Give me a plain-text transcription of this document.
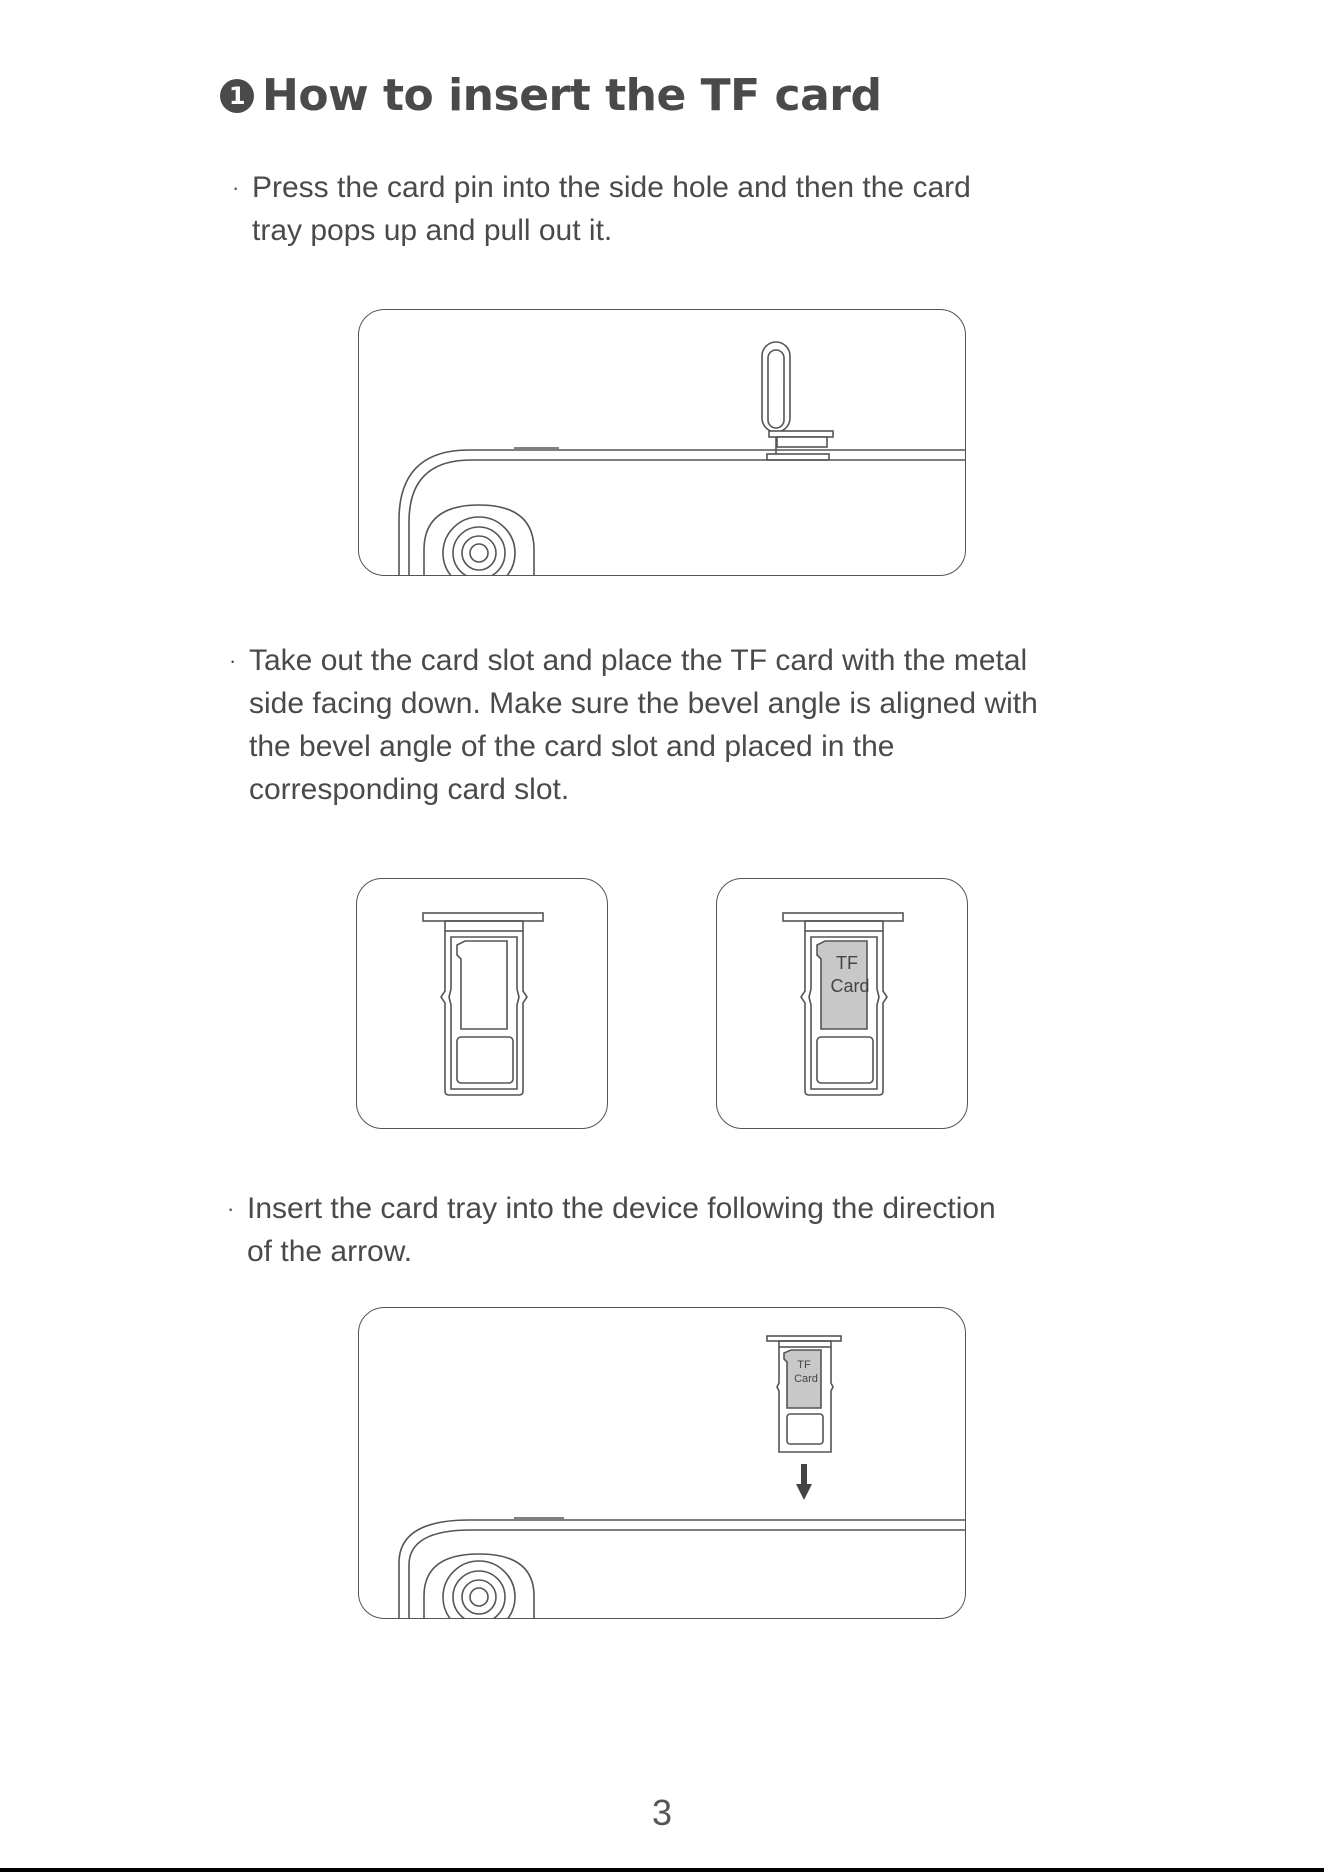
1 How to insert the TF card
· Press the card pin into the side hole and then the card
tray pops up and pull out it.
· Take out the card slot and place the TF card with the metal
side facing down. Make sure the bevel angle is aligned with
the bevel angle of the card slot and placed in the
corresponding card slot.
TF
Card
· Insert the card tray into the device following the direction
of the arrow.
TF
Card
3
